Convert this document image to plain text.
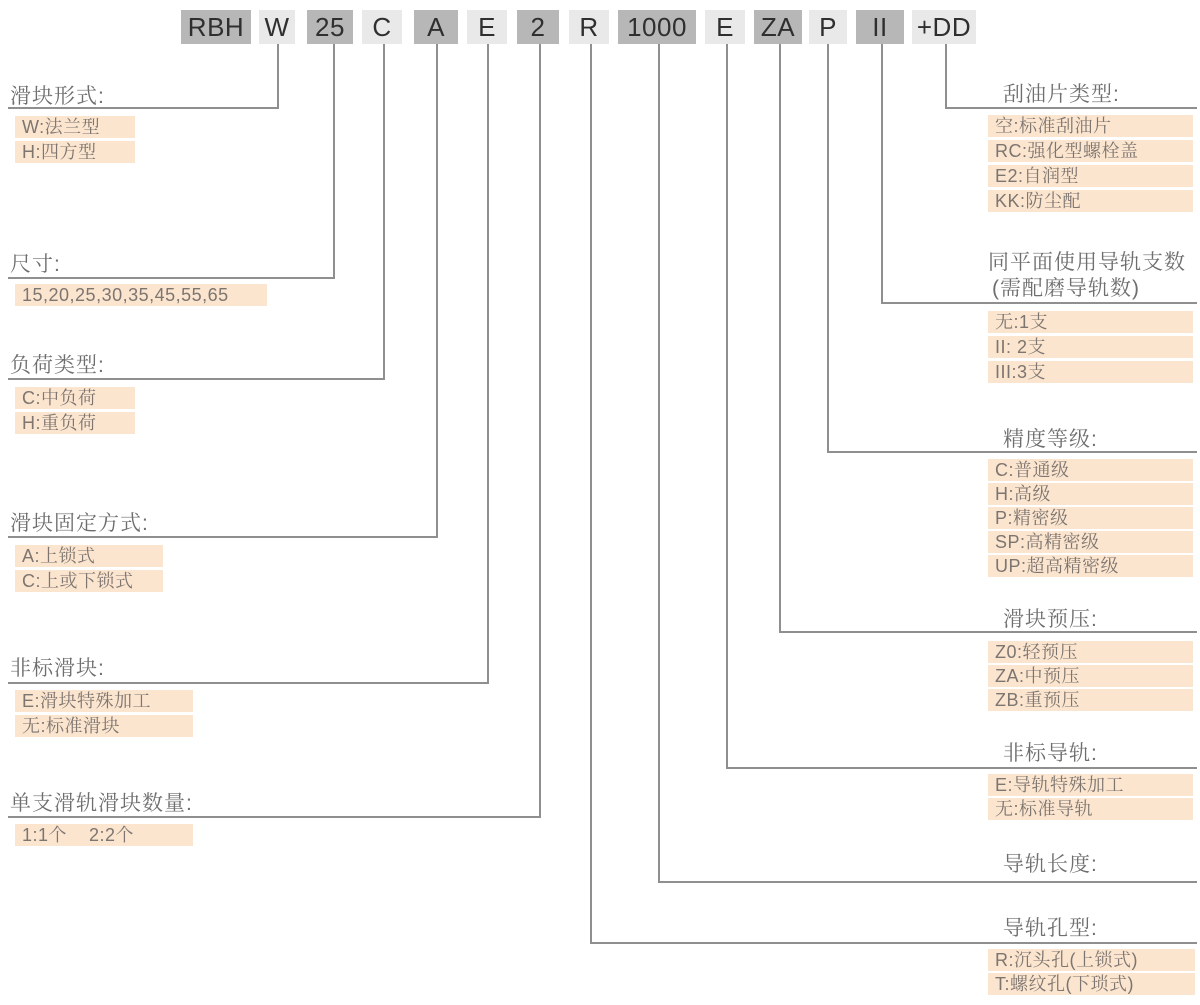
RBH W 25	C	A	E	2	R	1000	E	ZA P	II	+DD
滑块形式:
W:法兰型
H:四方型
尺寸:
15,20,25,30,35,45,55,65
负荷类型:
C:中负荷
H:重负荷
滑块固定方式:
A:上锁式
C:上或下锁式
非标滑块:
E:滑块特殊加工
无:标准滑块
单支滑轨滑块数量:
1:1个    2:2个
刮油片类型:
空:标准刮油片
RC:强化型螺栓盖
E2:自润型
KK:防尘配
同平面使用导轨支数
(需配磨导轨数)
无:1支
II: 2支
III:3支
精度等级:
C:普通级
H:高级
P:精密级
SP:高精密级
UP:超高精密级
滑块预压:
Z0:轻预压
ZA:中预压
ZB:重预压
非标导轨:
E:导轨特殊加工
无:标准导轨
导轨长度:
导轨孔型:
R:沉头孔(上锁式)
T:螺纹孔(下琐式)
